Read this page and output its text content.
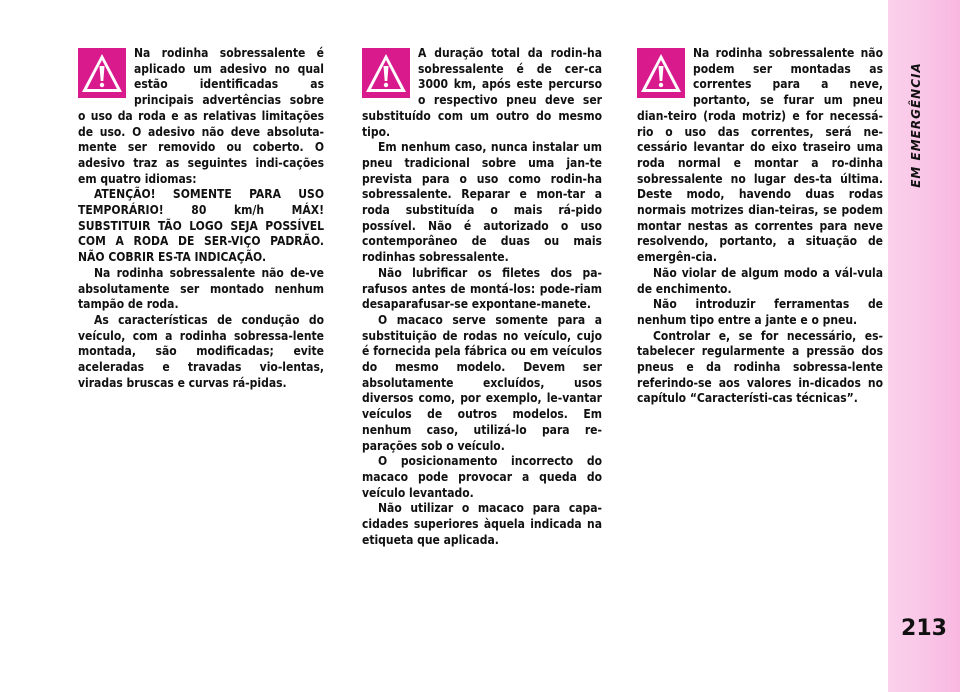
EM EMERGÊNCIA
213

Na rodinha sobressalente é aplicado um adesivo no qual estão identificadas as principais advertências sobre o uso da roda e as relativas limitações de uso. O adesivo não deve absoluta-mente ser removido ou coberto. O adesivo traz as seguintes indi-cações em quatro idiomas:

ATENÇÃO! SOMENTE PARA USO TEMPORÁRIO! 80 km/h MÁX! SUBSTITUIR TÃO LOGO SEJA POSSÍVEL COM A RODA DE SER-VIÇO PADRÃO. NÃO COBRIR ES-TA INDICAÇÃO.

Na rodinha sobressalente não de-ve absolutamente ser montado nenhum tampão de roda.

As características de condução do veículo, com a rodinha sobressa-lente montada, são modificadas; evite aceleradas e travadas vio-lentas, viradas bruscas e curvas rá-pidas.

A duração total da rodin-ha sobressalente é de cer-ca 3000 km, após este percurso o respectivo pneu deve ser substituído com um outro do mesmo tipo.

Em nenhum caso, nunca instalar um pneu tradicional sobre uma jan-te prevista para o uso como rodin-ha sobressalente. Reparar e mon-tar a roda substituída o mais rá-pido possível. Não é autorizado o uso contemporâneo de duas ou mais rodinhas sobressalente.

Não lubrificar os filetes dos pa-rafusos antes de montá-los: pode-riam desaparafusar-se expontane-manete.

O macaco serve somente para a substituição de rodas no veículo, cujo é fornecida pela fábrica ou em veículos do mesmo modelo. Devem ser absolutamente excluídos, usos diversos como, por exemplo, le-vantar veículos de outros modelos. Em nenhum caso, utilizá-lo para re-parações sob o veículo.

O posicionamento incorrecto do macaco pode provocar a queda do veículo levantado.

Não utilizar o macaco para capa-cidades superiores àquela indicada na etiqueta que aplicada.

Na rodinha sobressalente não podem ser montadas as correntes para a neve, portanto, se furar um pneu dian-teiro (roda motriz) e for necessá-rio o uso das correntes, será ne-cessário levantar do eixo traseiro uma roda normal e montar a ro-dinha sobressalente no lugar des-ta última. Deste modo, havendo duas rodas normais motrizes dian-teiras, se podem montar nestas as correntes para neve resolvendo, portanto, a situação de emergên-cia.

Não violar de algum modo a vál-vula de enchimento.

Não introduzir ferramentas de nenhum tipo entre a jante e o pneu.

Controlar e, se for necessário, es-tabelecer regularmente a pressão dos pneus e da rodinha sobressa-lente referindo-se aos valores in-dicados no capítulo “Característi-cas técnicas”.
